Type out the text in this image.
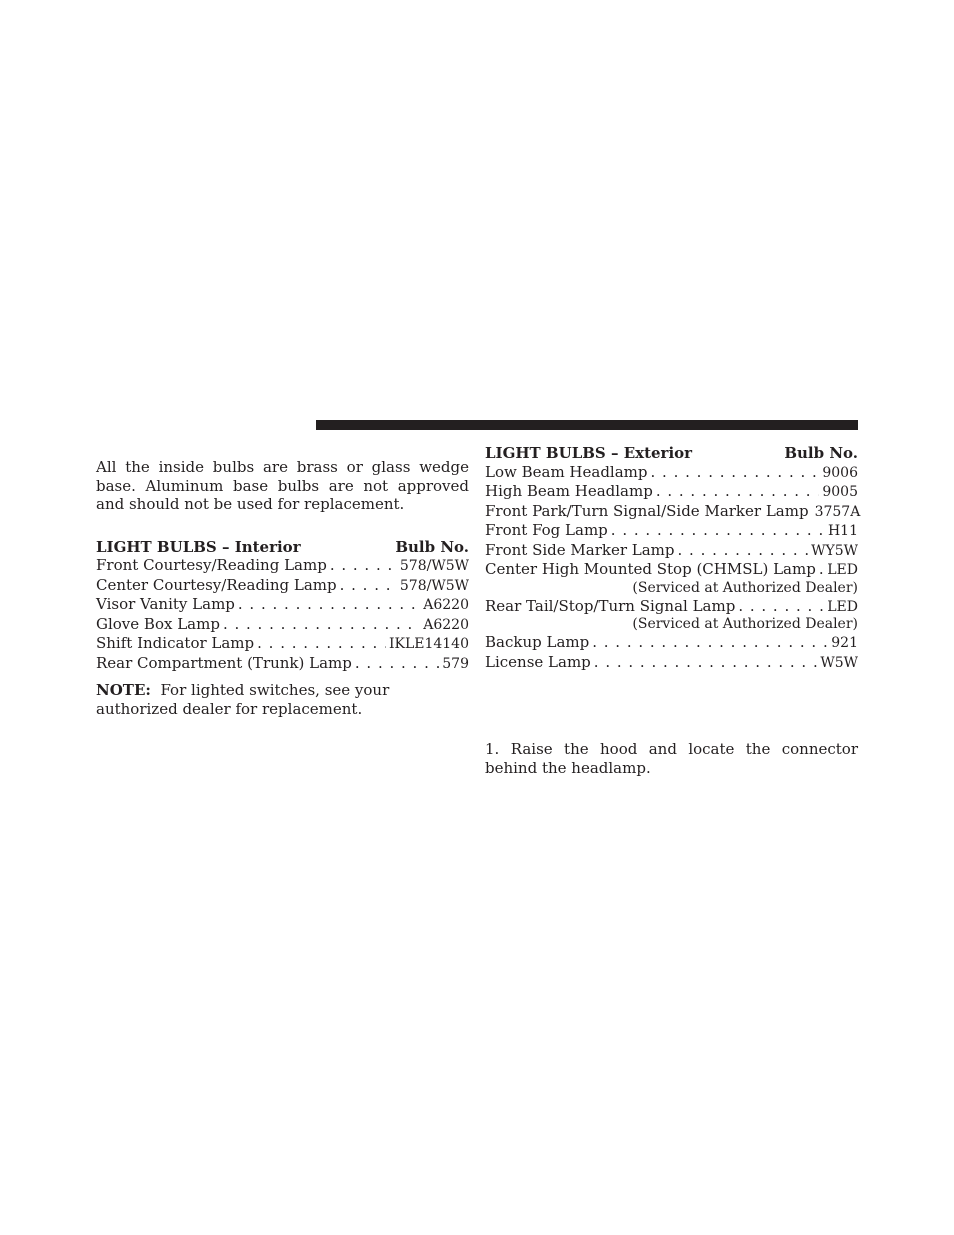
All the inside bulbs are brass or glass wedge base. Aluminum base bulbs are not approved and should not be used for replacement.
LIGHT BULBS – Interior	Bulb No.
Front Courtesy/Reading Lamp . . .	578/W5W
Center Courtesy/Reading Lamp . . .	578/W5W
Visor Vanity Lamp . . .	A6220
Glove Box Lamp . . .	A6220
Shift Indicator Lamp . . .	IKLE14140
Rear Compartment (Trunk) Lamp . . .	579
NOTE: For lighted switches, see your authorized dealer for replacement.
LIGHT BULBS – Exterior	Bulb No.
Low Beam Headlamp . . .	9006
High Beam Headlamp . . .	9005
Front Park/Turn Signal/Side Marker Lamp 3757A
Front Fog Lamp . . .	H11
Front Side Marker Lamp . . .	WY5W
Center High Mounted Stop (CHMSL) Lamp . . . LED
(Serviced at Authorized Dealer)
Rear Tail/Stop/Turn Signal Lamp . . .	LED
(Serviced at Authorized Dealer)
Backup Lamp . . .	921
License Lamp . . .	W5W
1. Raise the hood and locate the connector behind the headlamp.
